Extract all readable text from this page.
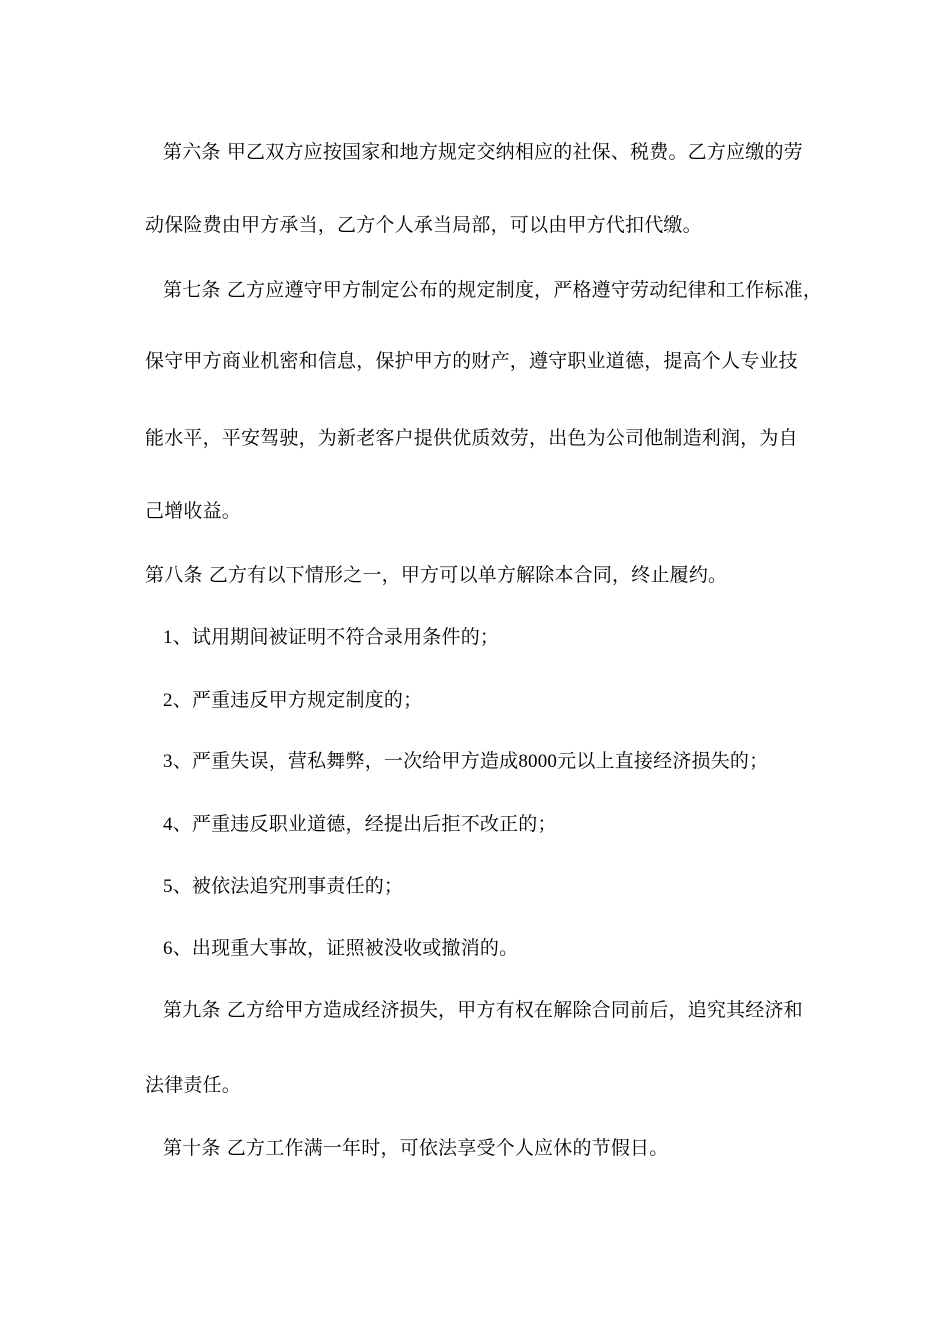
第六条 甲乙双方应按国家和地方规定交纳相应的社保、税费。乙方应缴的劳
动保险费由甲方承当，乙方个人承当局部，可以由甲方代扣代缴。
第七条 乙方应遵守甲方制定公布的规定制度，严格遵守劳动纪律和工作标准，
保守甲方商业机密和信息，保护甲方的财产，遵守职业道德，提高个人专业技
能水平，平安驾驶，为新老客户提供优质效劳，出色为公司他制造利润，为自
己增收益。
第八条 乙方有以下情形之一，甲方可以单方解除本合同，终止履约。
1、试用期间被证明不符合录用条件的；
2、严重违反甲方规定制度的；
3、严重失误，营私舞弊，一次给甲方造成8000元以上直接经济损失的；
4、严重违反职业道德，经提出后拒不改正的；
5、被依法追究刑事责任的；
6、出现重大事故，证照被没收或撤消的。
第九条 乙方给甲方造成经济损失，甲方有权在解除合同前后，追究其经济和
法律责任。
第十条 乙方工作满一年时，可依法享受个人应休的节假日。
